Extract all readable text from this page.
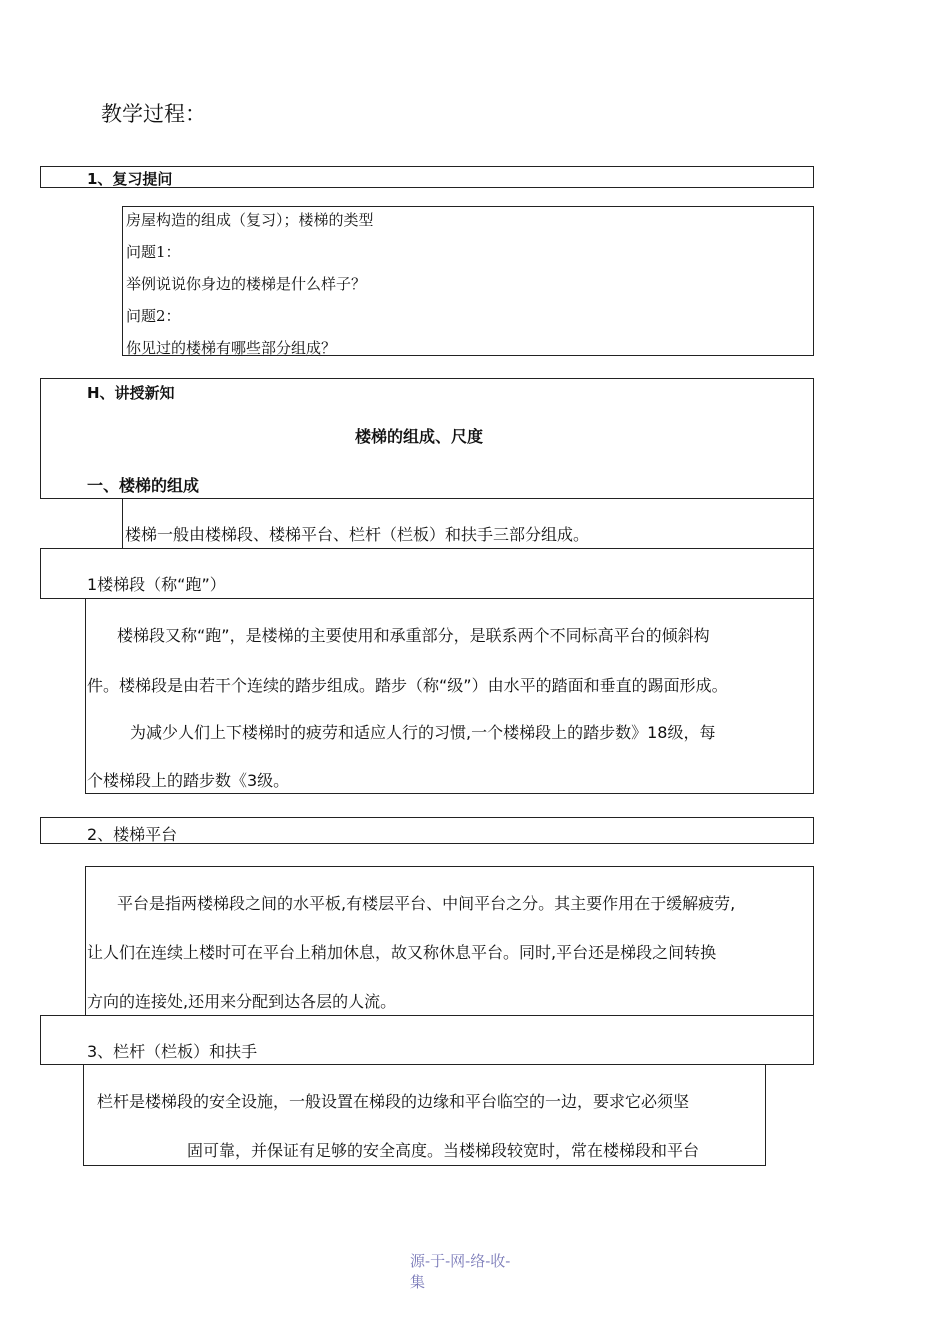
教学过程：
1、复习提问
房屋构造的组成（复习）；楼梯的类型
问题1：
举例说说你身边的楼梯是什么样子？
问题2：
你见过的楼梯有哪些部分组成？
H、讲授新知
楼梯的组成、尺度
一、楼梯的组成
楼梯一般由楼梯段、楼梯平台、栏杆（栏板）和扶手三部分组成。
1楼梯段（称“跑”）
楼梯段又称“跑”，是楼梯的主要使用和承重部分，是联系两个不同标高平台的倾斜构
件。楼梯段是由若干个连续的踏步组成。踏步（称“级”）由水平的踏面和垂直的踢面形成。
为减少人们上下楼梯时的疲劳和适应人行的习惯,一个楼梯段上的踏步数》18级，每
个楼梯段上的踏步数《3级。
2、楼梯平台
平台是指两楼梯段之间的水平板,有楼层平台、中间平台之分。其主要作用在于缓解疲劳,
让人们在连续上楼时可在平台上稍加休息，故又称休息平台。同时,平台还是梯段之间转换
方向的连接处,还用来分配到达各层的人流。
3、栏杆（栏板）和扶手
栏杆是楼梯段的安全设施，一般设置在梯段的边缘和平台临空的一边，要求它必须坚
固可靠，并保证有足够的安全高度。当楼梯段较宽时，常在楼梯段和平台
源-于-网-络-收-
集
